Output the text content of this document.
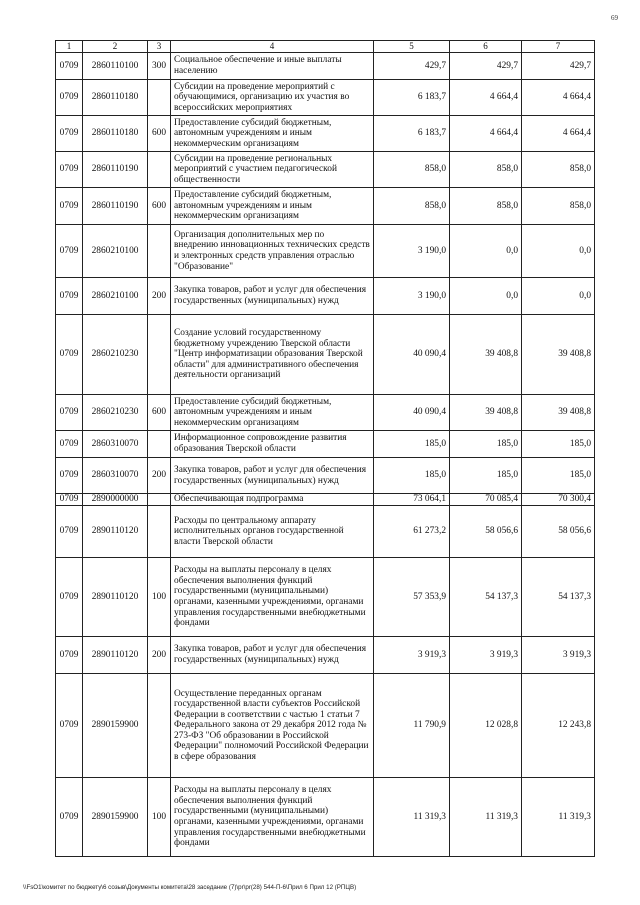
69
1	2	3	4	5	6	7
0709	2860110100	300	Социальное обеспечение и иные выплаты населению	429,7	429,7	429,7
0709	2860110180		Субсидии на проведение мероприятий с обучающимися, организацию их участия во всероссийских мероприятиях	6 183,7	4 664,4	4 664,4
0709	2860110180	600	Предоставление субсидий бюджетным, автономным учреждениям и иным некоммерческим организациям	6 183,7	4 664,4	4 664,4
0709	2860110190		Субсидии на проведение региональных мероприятий с участием педагогической общественности	858,0	858,0	858,0
0709	2860110190	600	Предоставление субсидий бюджетным, автономным учреждениям и иным некоммерческим организациям	858,0	858,0	858,0
0709	2860210100		Организация дополнительных мер по внедрению инновационных технических средств и электронных средств управления отраслью "Образование"	3 190,0	0,0	0,0
0709	2860210100	200	Закупка товаров, работ и услуг для обеспечения государственных (муниципальных) нужд	3 190,0	0,0	0,0
0709	2860210230		Создание условий государственному бюджетному учреждению Тверской области "Центр информатизации образования Тверской области" для административного обеспечения деятельности организаций	40 090,4	39 408,8	39 408,8
0709	2860210230	600	Предоставление субсидий бюджетным, автономным учреждениям и иным некоммерческим организациям	40 090,4	39 408,8	39 408,8
0709	2860310070		Информационное сопровождение развития образования Тверской области	185,0	185,0	185,0
0709	2860310070	200	Закупка товаров, работ и услуг для обеспечения государственных (муниципальных) нужд	185,0	185,0	185,0
0709	2890000000		Обеспечивающая подпрограмма	73 064,1	70 085,4	70 300,4
0709	2890110120		Расходы по центральному аппарату исполнительных органов государственной власти Тверской области	61 273,2	58 056,6	58 056,6
0709	2890110120	100	Расходы на выплаты персоналу в целях обеспечения выполнения функций государственными (муниципальными) органами, казенными учреждениями, органами управления государственными внебюджетными фондами	57 353,9	54 137,3	54 137,3
0709	2890110120	200	Закупка товаров, работ и услуг для обеспечения государственных (муниципальных) нужд	3 919,3	3 919,3	3 919,3
0709	2890159900		Осуществление переданных органам государственной власти субъектов Российской Федерации в соответствии с частью 1 статьи 7 Федерального закона от 29 декабря 2012 года № 273-ФЗ "Об образовании в Российской Федерации" полномочий Российской Федерации в сфере образования	11 790,9	12 028,8	12 243,8
0709	2890159900	100	Расходы на выплаты персоналу в целях обеспечения выполнения функций государственными (муниципальными) органами, казенными учреждениями, органами управления государственными внебюджетными фондами	11 319,3	11 319,3	11 319,3
\\FsO1\комитет по бюджету\6 созыв\Документы комитета\28 заседание (7)\pr\pr(28) 544-П-6\Прил 6 Прил 12 (РПЦВ)
